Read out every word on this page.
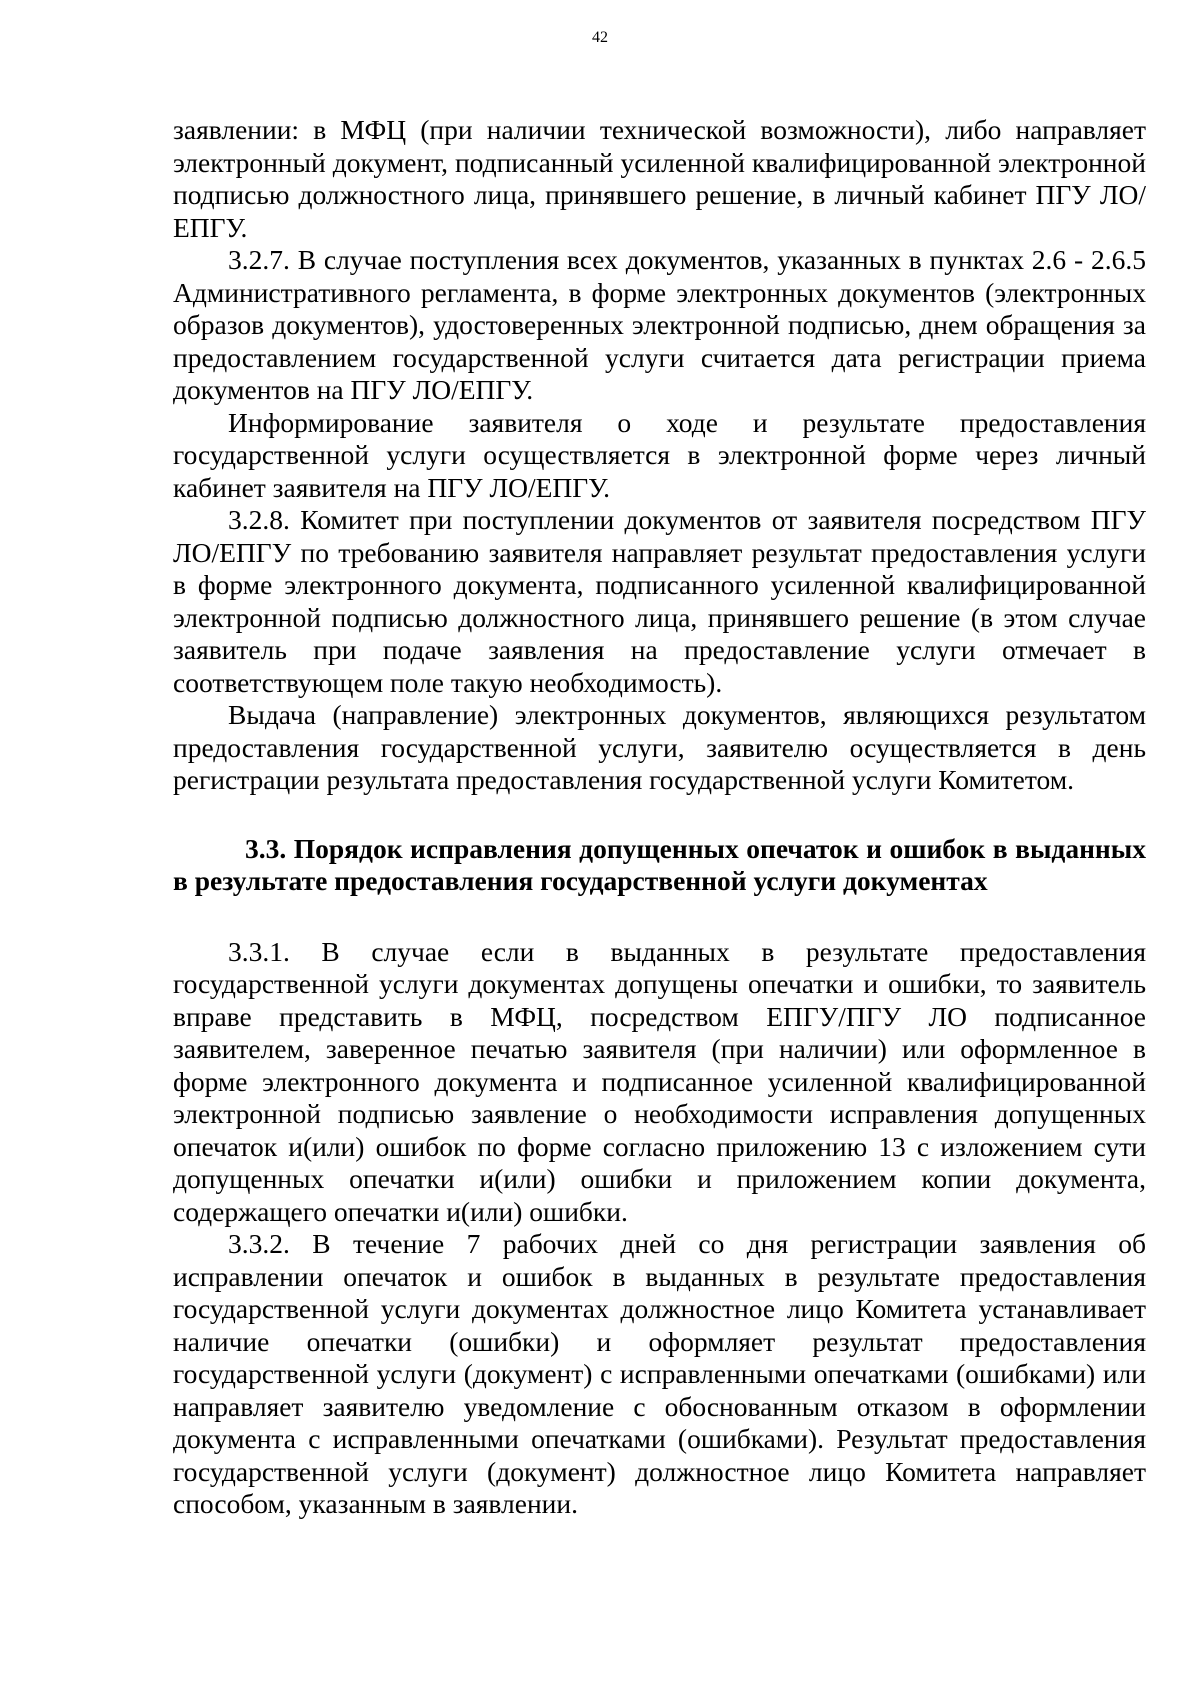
42

заявлении: в МФЦ (при наличии технической возможности), либо направляет электронный документ, подписанный усиленной квалифицированной электронной подписью должностного лица, принявшего решение, в личный кабинет ПГУ ЛО/ЕПГУ.

3.2.7. В случае поступления всех документов, указанных в пунктах 2.6 - 2.6.5 Административного регламента, в форме электронных документов (электронных образов документов), удостоверенных электронной подписью, днем обращения за предоставлением государственной услуги считается дата регистрации приема документов на ПГУ ЛО/ЕПГУ.

Информирование заявителя о ходе и результате предоставления государственной услуги осуществляется в электронной форме через личный кабинет заявителя на ПГУ ЛО/ЕПГУ.

3.2.8. Комитет при поступлении документов от заявителя посредством ПГУ ЛО/ЕПГУ по требованию заявителя направляет результат предоставления услуги в форме электронного документа, подписанного усиленной квалифицированной электронной подписью должностного лица, принявшего решение (в этом случае заявитель при подаче заявления на предоставление услуги отмечает в соответствующем поле такую необходимость).

Выдача (направление) электронных документов, являющихся результатом предоставления государственной услуги, заявителю осуществляется в день регистрации результата предоставления государственной услуги Комитетом.

3.3. Порядок исправления допущенных опечаток и ошибок в выданных в результате предоставления государственной услуги документах

3.3.1. В случае если в выданных в результате предоставления государственной услуги документах допущены опечатки и ошибки, то заявитель вправе представить в МФЦ, посредством ЕПГУ/ПГУ ЛО подписанное заявителем, заверенное печатью заявителя (при наличии) или оформленное в форме электронного документа и подписанное усиленной квалифицированной электронной подписью заявление о необходимости исправления допущенных опечаток и(или) ошибок по форме согласно приложению 13 с изложением сути допущенных опечатки и(или) ошибки и приложением копии документа, содержащего опечатки и(или) ошибки.

3.3.2. В течение 7 рабочих дней со дня регистрации заявления об исправлении опечаток и ошибок в выданных в результате предоставления государственной услуги документах должностное лицо Комитета устанавливает наличие опечатки (ошибки) и оформляет результат предоставления государственной услуги (документ) с исправленными опечатками (ошибками) или направляет заявителю уведомление с обоснованным отказом в оформлении документа с исправленными опечатками (ошибками). Результат предоставления государственной услуги (документ) должностное лицо Комитета направляет способом, указанным в заявлении.
